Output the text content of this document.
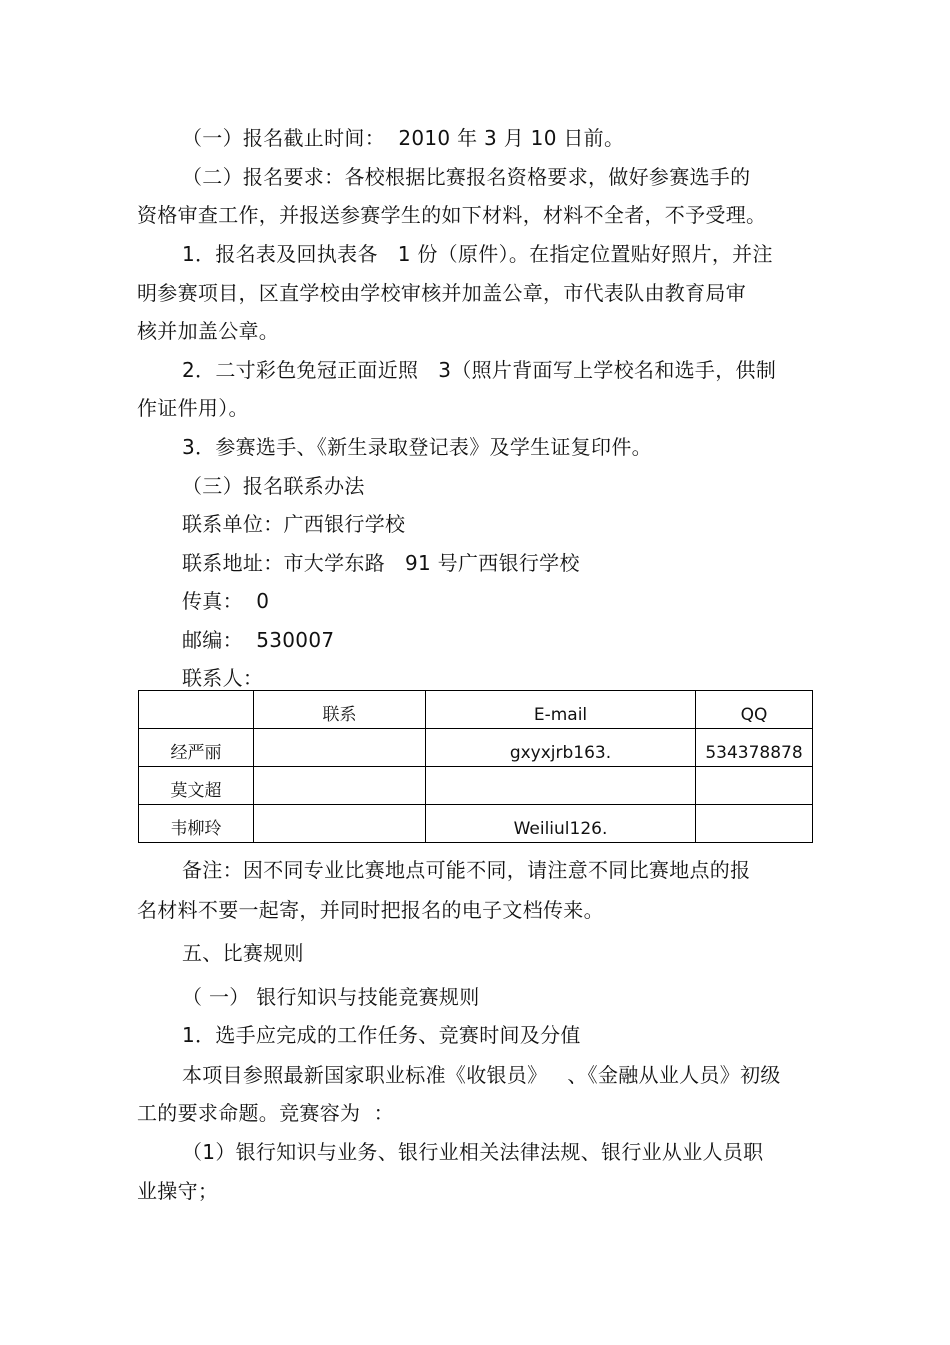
（一）报名截止时间：  2010 年 3 月 10 日前。
（二）报名要求：各校根据比赛报名资格要求，做好参赛选手的
资格审查工作，并报送参赛学生的如下材料，材料不全者，不予受理。
1．报名表及回执表各   1 份（原件）。在指定位置贴好照片，并注
明参赛项目，区直学校由学校审核并加盖公章，市代表队由教育局审
核并加盖公章。
2．二寸彩色免冠正面近照   3（照片背面写上学校名和选手，供制
作证件用）。
3．参赛选手、《新生录取登记表》及学生证复印件。
（三）报名联系办法
联系单位：广西银行学校
联系地址：市大学东路   91 号广西银行学校
传真：  0
邮编：  530007
联系人：
	联系	E-mail	QQ
经严丽		gxyxjrb163.	534378878
莫文超			
韦柳玲		Weiliul126.	
备注：因不同专业比赛地点可能不同，请注意不同比赛地点的报
名材料不要一起寄，并同时把报名的电子文档传来。
五、比赛规则
（ 一） 银行知识与技能竞赛规则
1．选手应完成的工作任务、竞赛时间及分值
本项目参照最新国家职业标准《收银员》   、《金融从业人员》初级
工的要求命题。竞赛容为  ：
（1）银行知识与业务、银行业相关法律法规、银行业从业人员职
业操守；
